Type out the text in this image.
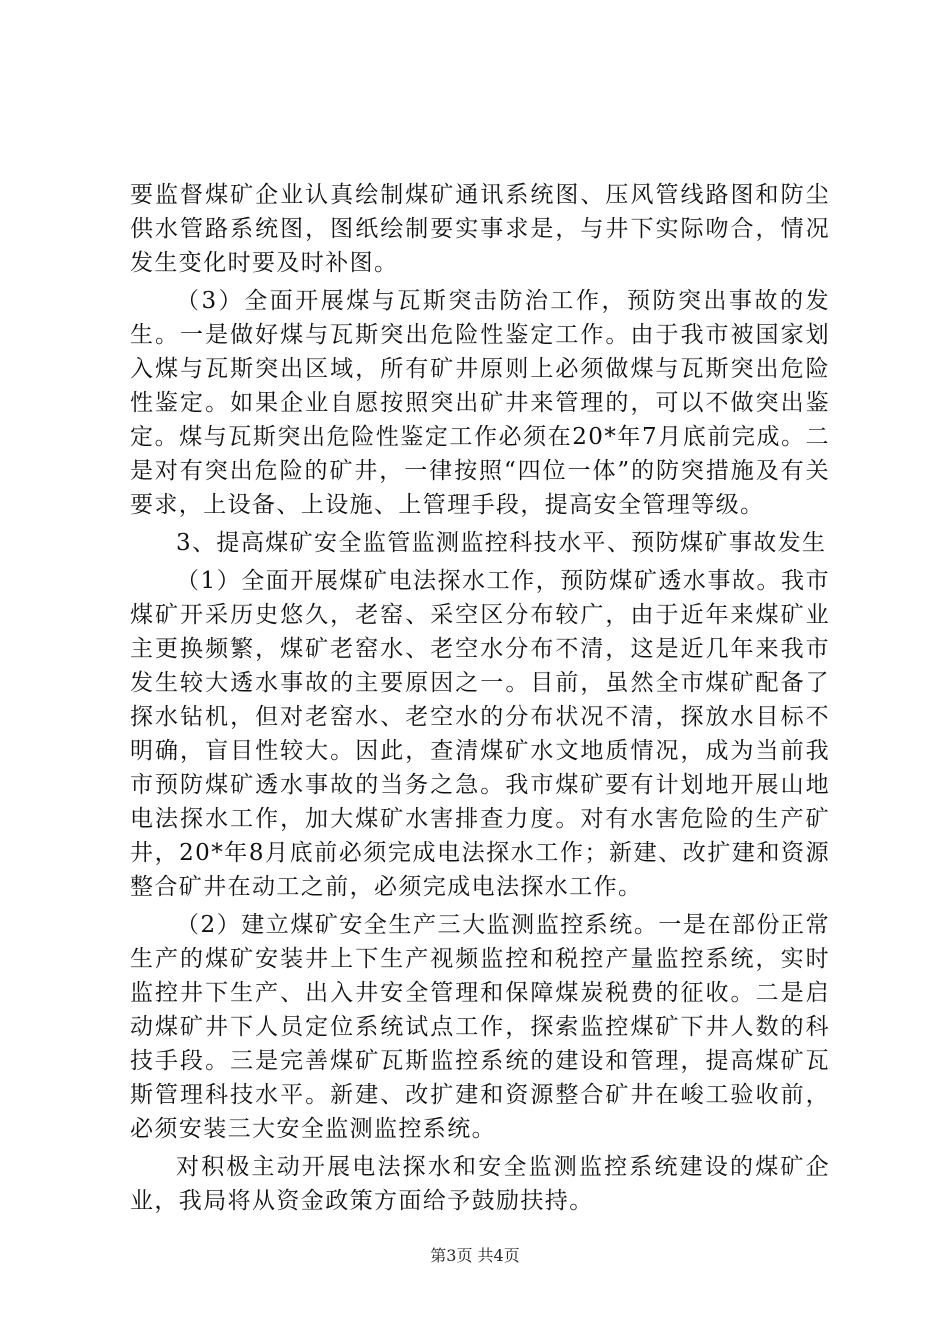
要监督煤矿企业认真绘制煤矿通讯系统图、压风管线路图和防尘供水管路系统图，图纸绘制要实事求是，与井下实际吻合，情况发生变化时要及时补图。

（3）全面开展煤与瓦斯突击防治工作，预防突出事故的发生。一是做好煤与瓦斯突出危险性鉴定工作。由于我市被国家划入煤与瓦斯突出区域，所有矿井原则上必须做煤与瓦斯突出危险性鉴定。如果企业自愿按照突出矿井来管理的，可以不做突出鉴定。煤与瓦斯突出危险性鉴定工作必须在20*年7月底前完成。二是对有突出危险的矿井，一律按照“四位一体”的防突措施及有关要求，上设备、上设施、上管理手段，提高安全管理等级。

3、提高煤矿安全监管监测监控科技水平、预防煤矿事故发生

（1）全面开展煤矿电法探水工作，预防煤矿透水事故。我市煤矿开采历史悠久，老窑、采空区分布较广，由于近年来煤矿业主更换频繁，煤矿老窑水、老空水分布不清，这是近几年来我市发生较大透水事故的主要原因之一。目前，虽然全市煤矿配备了探水钻机，但对老窑水、老空水的分布状况不清，探放水目标不明确，盲目性较大。因此，查清煤矿水文地质情况，成为当前我市预防煤矿透水事故的当务之急。我市煤矿要有计划地开展山地电法探水工作，加大煤矿水害排查力度。对有水害危险的生产矿井，20*年8月底前必须完成电法探水工作；新建、改扩建和资源整合矿井在动工之前，必须完成电法探水工作。

（2）建立煤矿安全生产三大监测监控系统。一是在部份正常生产的煤矿安装井上下生产视频监控和税控产量监控系统，实时监控井下生产、出入井安全管理和保障煤炭税费的征收。二是启动煤矿井下人员定位系统试点工作，探索监控煤矿下井人数的科技手段。三是完善煤矿瓦斯监控系统的建设和管理，提高煤矿瓦斯管理科技水平。新建、改扩建和资源整合矿井在峻工验收前，必须安装三大安全监测监控系统。

对积极主动开展电法探水和安全监测监控系统建设的煤矿企业，我局将从资金政策方面给予鼓励扶持。

第3页 共4页
